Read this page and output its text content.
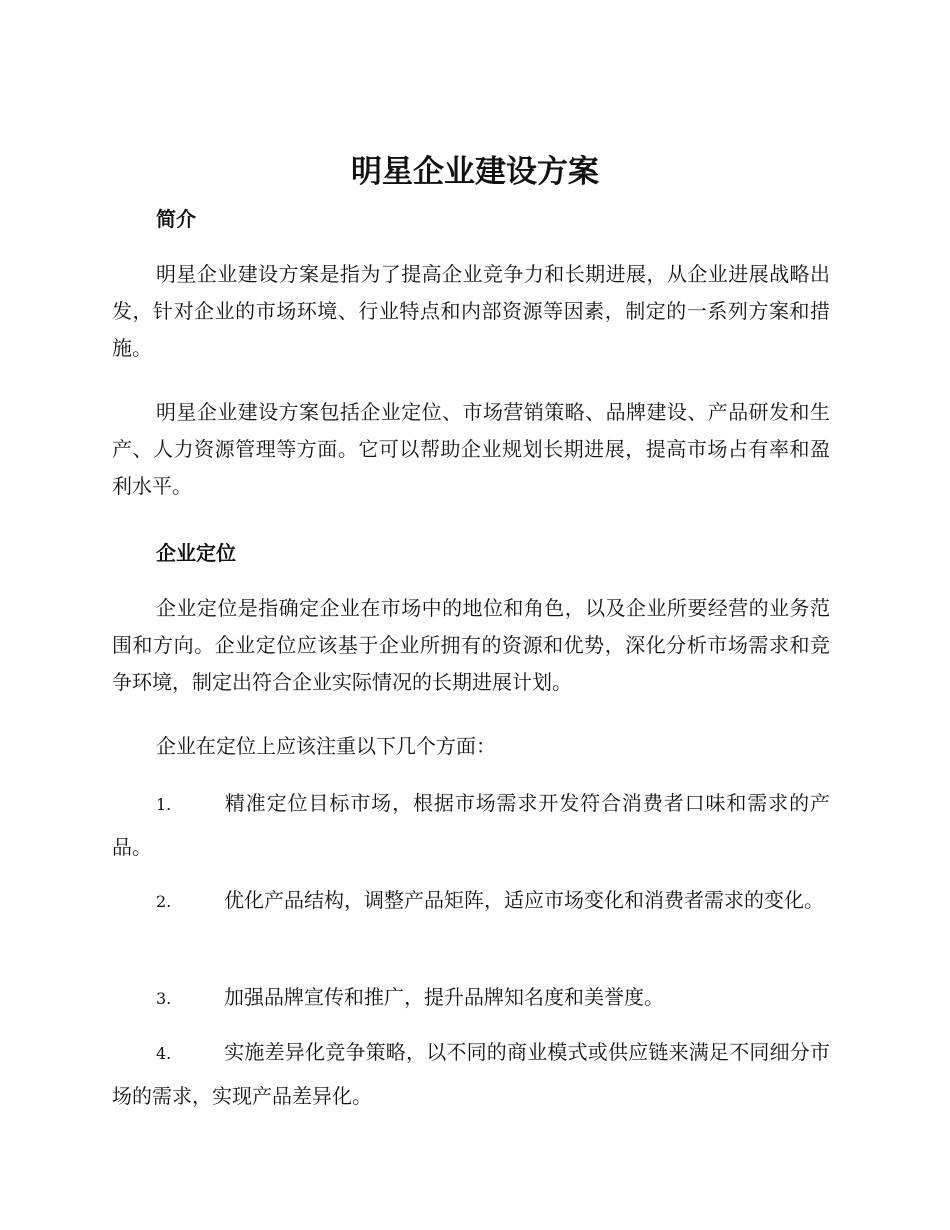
明星企业建设方案
简介

明星企业建设方案是指为了提高企业竞争力和长期进展，从企业进展战略出发，针对企业的市场环境、行业特点和内部资源等因素，制定的一系列方案和措施。

明星企业建设方案包括企业定位、市场营销策略、品牌建设、产品研发和生产、人力资源管理等方面。它可以帮助企业规划长期进展，提高市场占有率和盈利水平。

企业定位

企业定位是指确定企业在市场中的地位和角色，以及企业所要经营的业务范围和方向。企业定位应该基于企业所拥有的资源和优势，深化分析市场需求和竞争环境，制定出符合企业实际情况的长期进展计划。

企业在定位上应该注重以下几个方面：

1.	精准定位目标市场，根据市场需求开发符合消费者口味和需求的产品。

2.	优化产品结构，调整产品矩阵，适应市场变化和消费者需求的变化。

3.	加强品牌宣传和推广，提升品牌知名度和美誉度。

4.	实施差异化竞争策略，以不同的商业模式或供应链来满足不同细分市场的需求，实现产品差异化。
